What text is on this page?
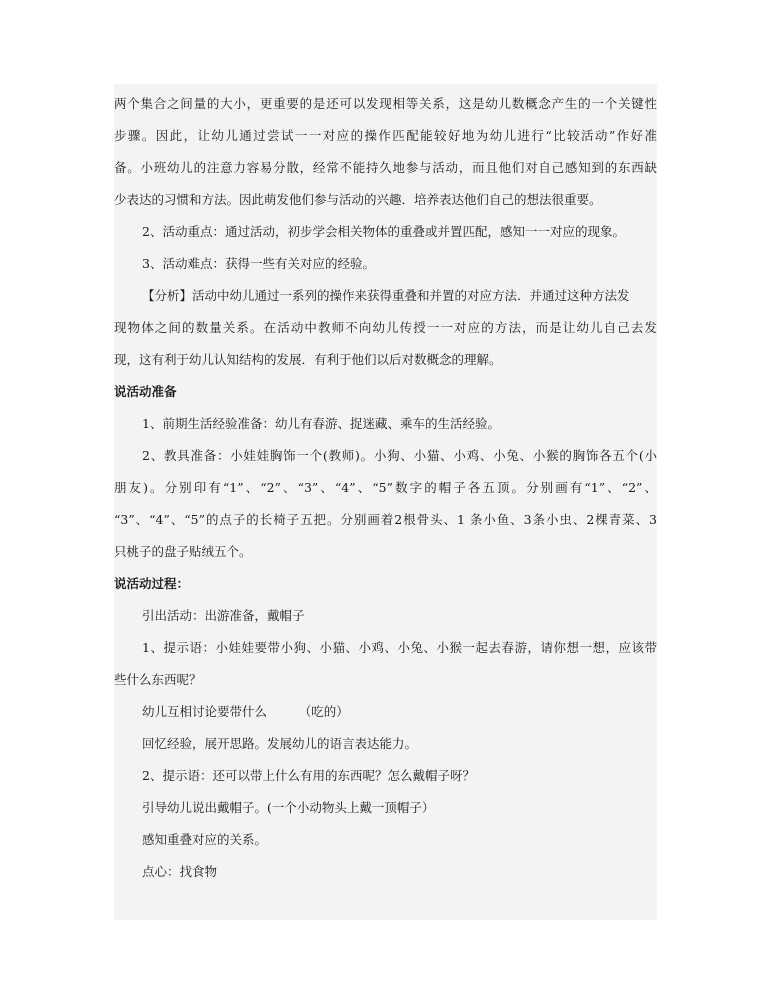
两个集合之间量的大小，更重要的是还可以发现相等关系，这是幼儿数概念产生的一个关键性
步骤。因此，让幼儿通过尝试一一对应的操作匹配能较好地为幼儿进行“比较活动”作好准
备。小班幼儿的注意力容易分散，经常不能持久地参与活动，而且他们对自己感知到的东西缺
少表达的习惯和方法。因此萌发他们参与活动的兴趣．培养表达他们自己的想法很重要。
2、活动重点：通过活动，初步学会相关物体的重叠或并置匹配，感知一一对应的现象。
3、活动难点：获得一些有关对应的经验。
【分析】活动中幼儿通过一系列的操作来获得重叠和并置的对应方法．并通过这种方法发
现物体之间的数量关系。在活动中教师不向幼儿传授一一对应的方法，而是让幼儿自己去发
现，这有利于幼儿认知结构的发展．有利于他们以后对数概念的理解。
说活动准备
1、前期生活经验准备：幼儿有春游、捉迷藏、乘车的生活经验。
2、教具准备：小娃娃胸饰一个(教师)。小狗、小猫、小鸡、小兔、小猴的胸饰各五个(小
朋友)。分别印有“1”、“2”、“3”、“4”、“5”数字的帽子各五顶。分别画有“1”、“2”、
“3”、“4”、“5”的点子的长椅子五把。分别画着2根骨头、1 条小鱼、3条小虫、2棵青菜、3
只桃子的盘子贴绒五个。
说活动过程：
引出活动：出游准备，戴帽子
1、提示语：小娃娃要带小狗、小猫、小鸡、小兔、小猴一起去春游，请你想一想，应该带
些什么东西呢？
幼儿互相讨论要带什么        （吃的）
回忆经验，展开思路。发展幼儿的语言表达能力。
2、提示语：还可以带上什么有用的东西呢？怎么戴帽子呀？
引导幼儿说出戴帽子。(一个小动物头上戴一顶帽子）
感知重叠对应的关系。
点心：找食物
